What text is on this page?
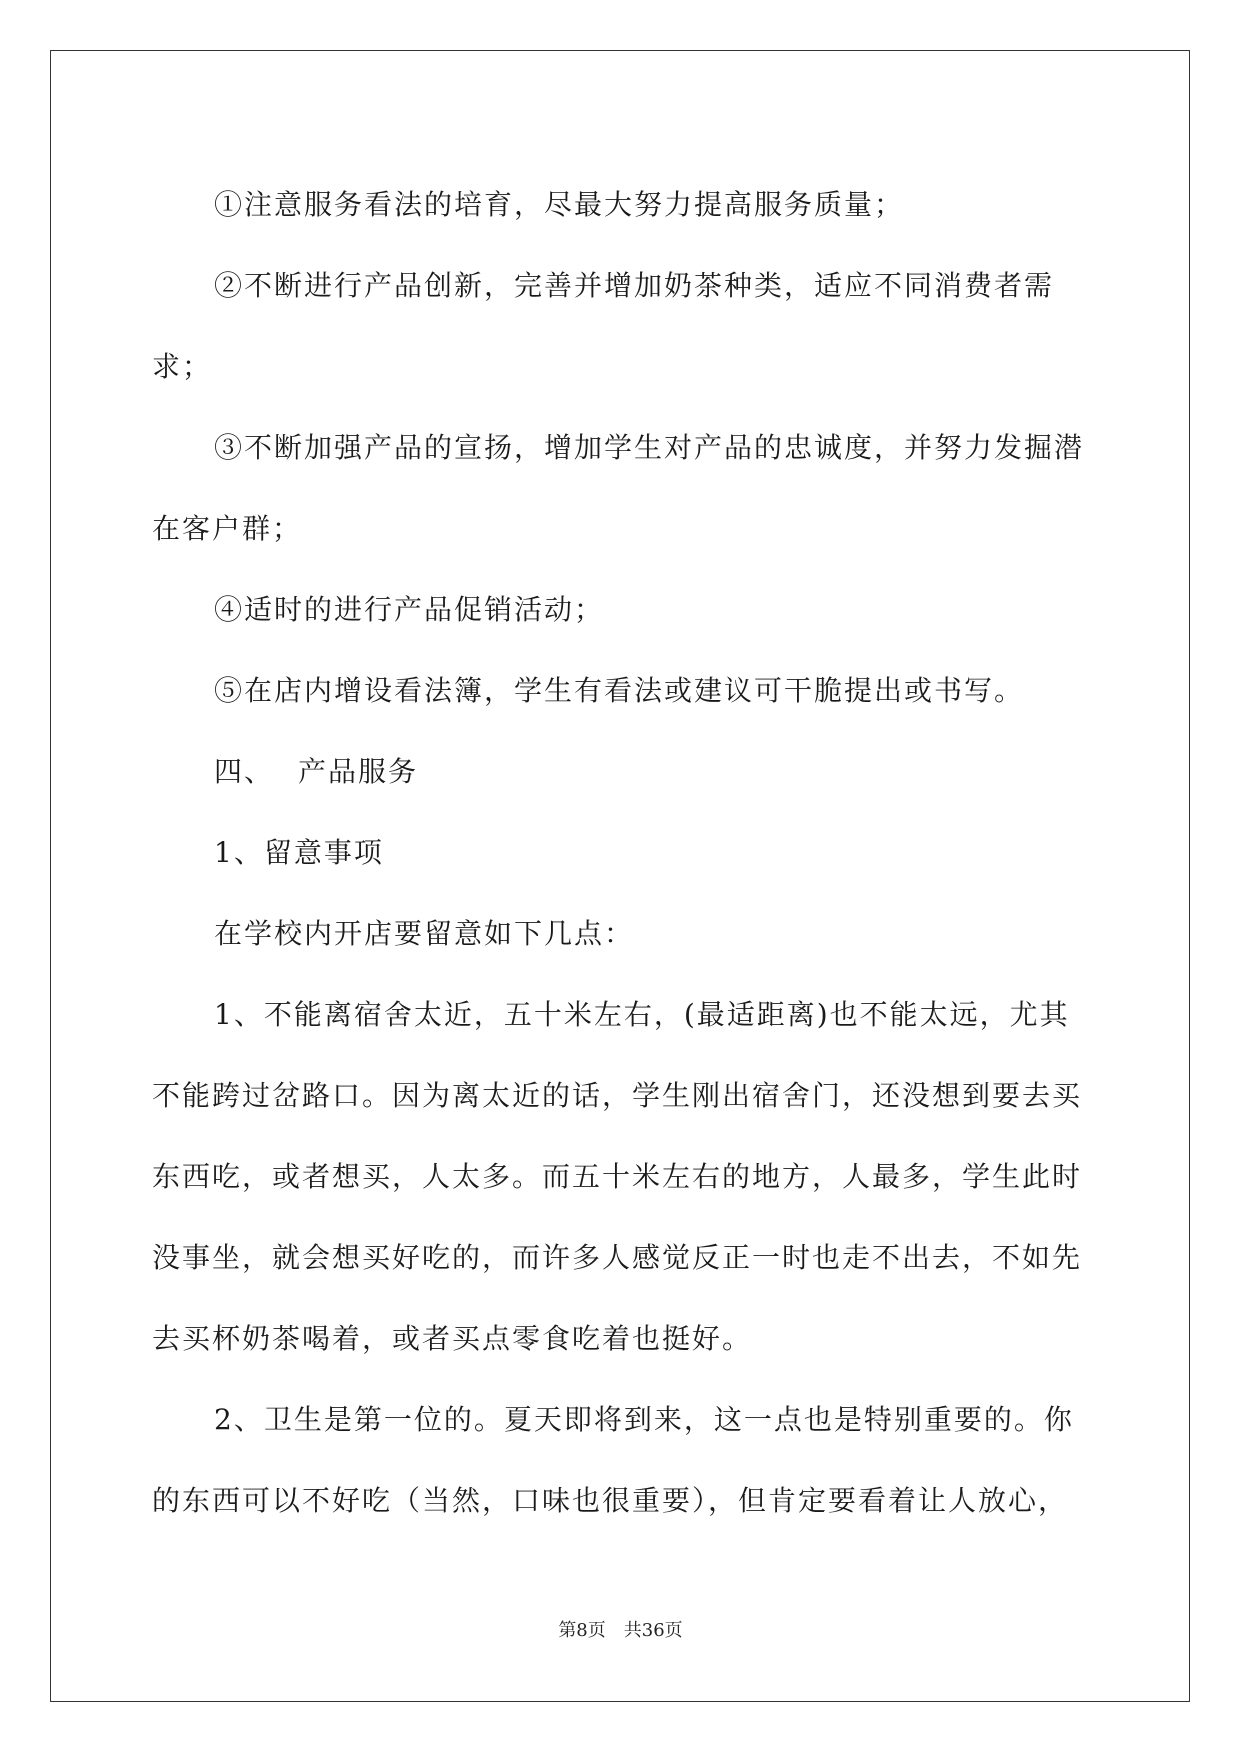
①注意服务看法的培育，尽最大努力提高服务质量；

②不断进行产品创新，完善并增加奶茶种类，适应不同消费者需求；

③不断加强产品的宣扬，增加学生对产品的忠诚度，并努力发掘潜在客户群；

④适时的进行产品促销活动；

⑤在店内增设看法簿，学生有看法或建议可干脆提出或书写。

四、 产品服务

1、留意事项

在学校内开店要留意如下几点：

1、不能离宿舍太近，五十米左右，(最适距离)也不能太远，尤其不能跨过岔路口。因为离太近的话，学生刚出宿舍门，还没想到要去买东西吃，或者想买，人太多。而五十米左右的地方，人最多，学生此时没事坐，就会想买好吃的，而许多人感觉反正一时也走不出去，不如先去买杯奶茶喝着，或者买点零食吃着也挺好。

2、卫生是第一位的。夏天即将到来，这一点也是特别重要的。你的东西可以不好吃（当然，口味也很重要），但肯定要看着让人放心，

第8页 共36页
